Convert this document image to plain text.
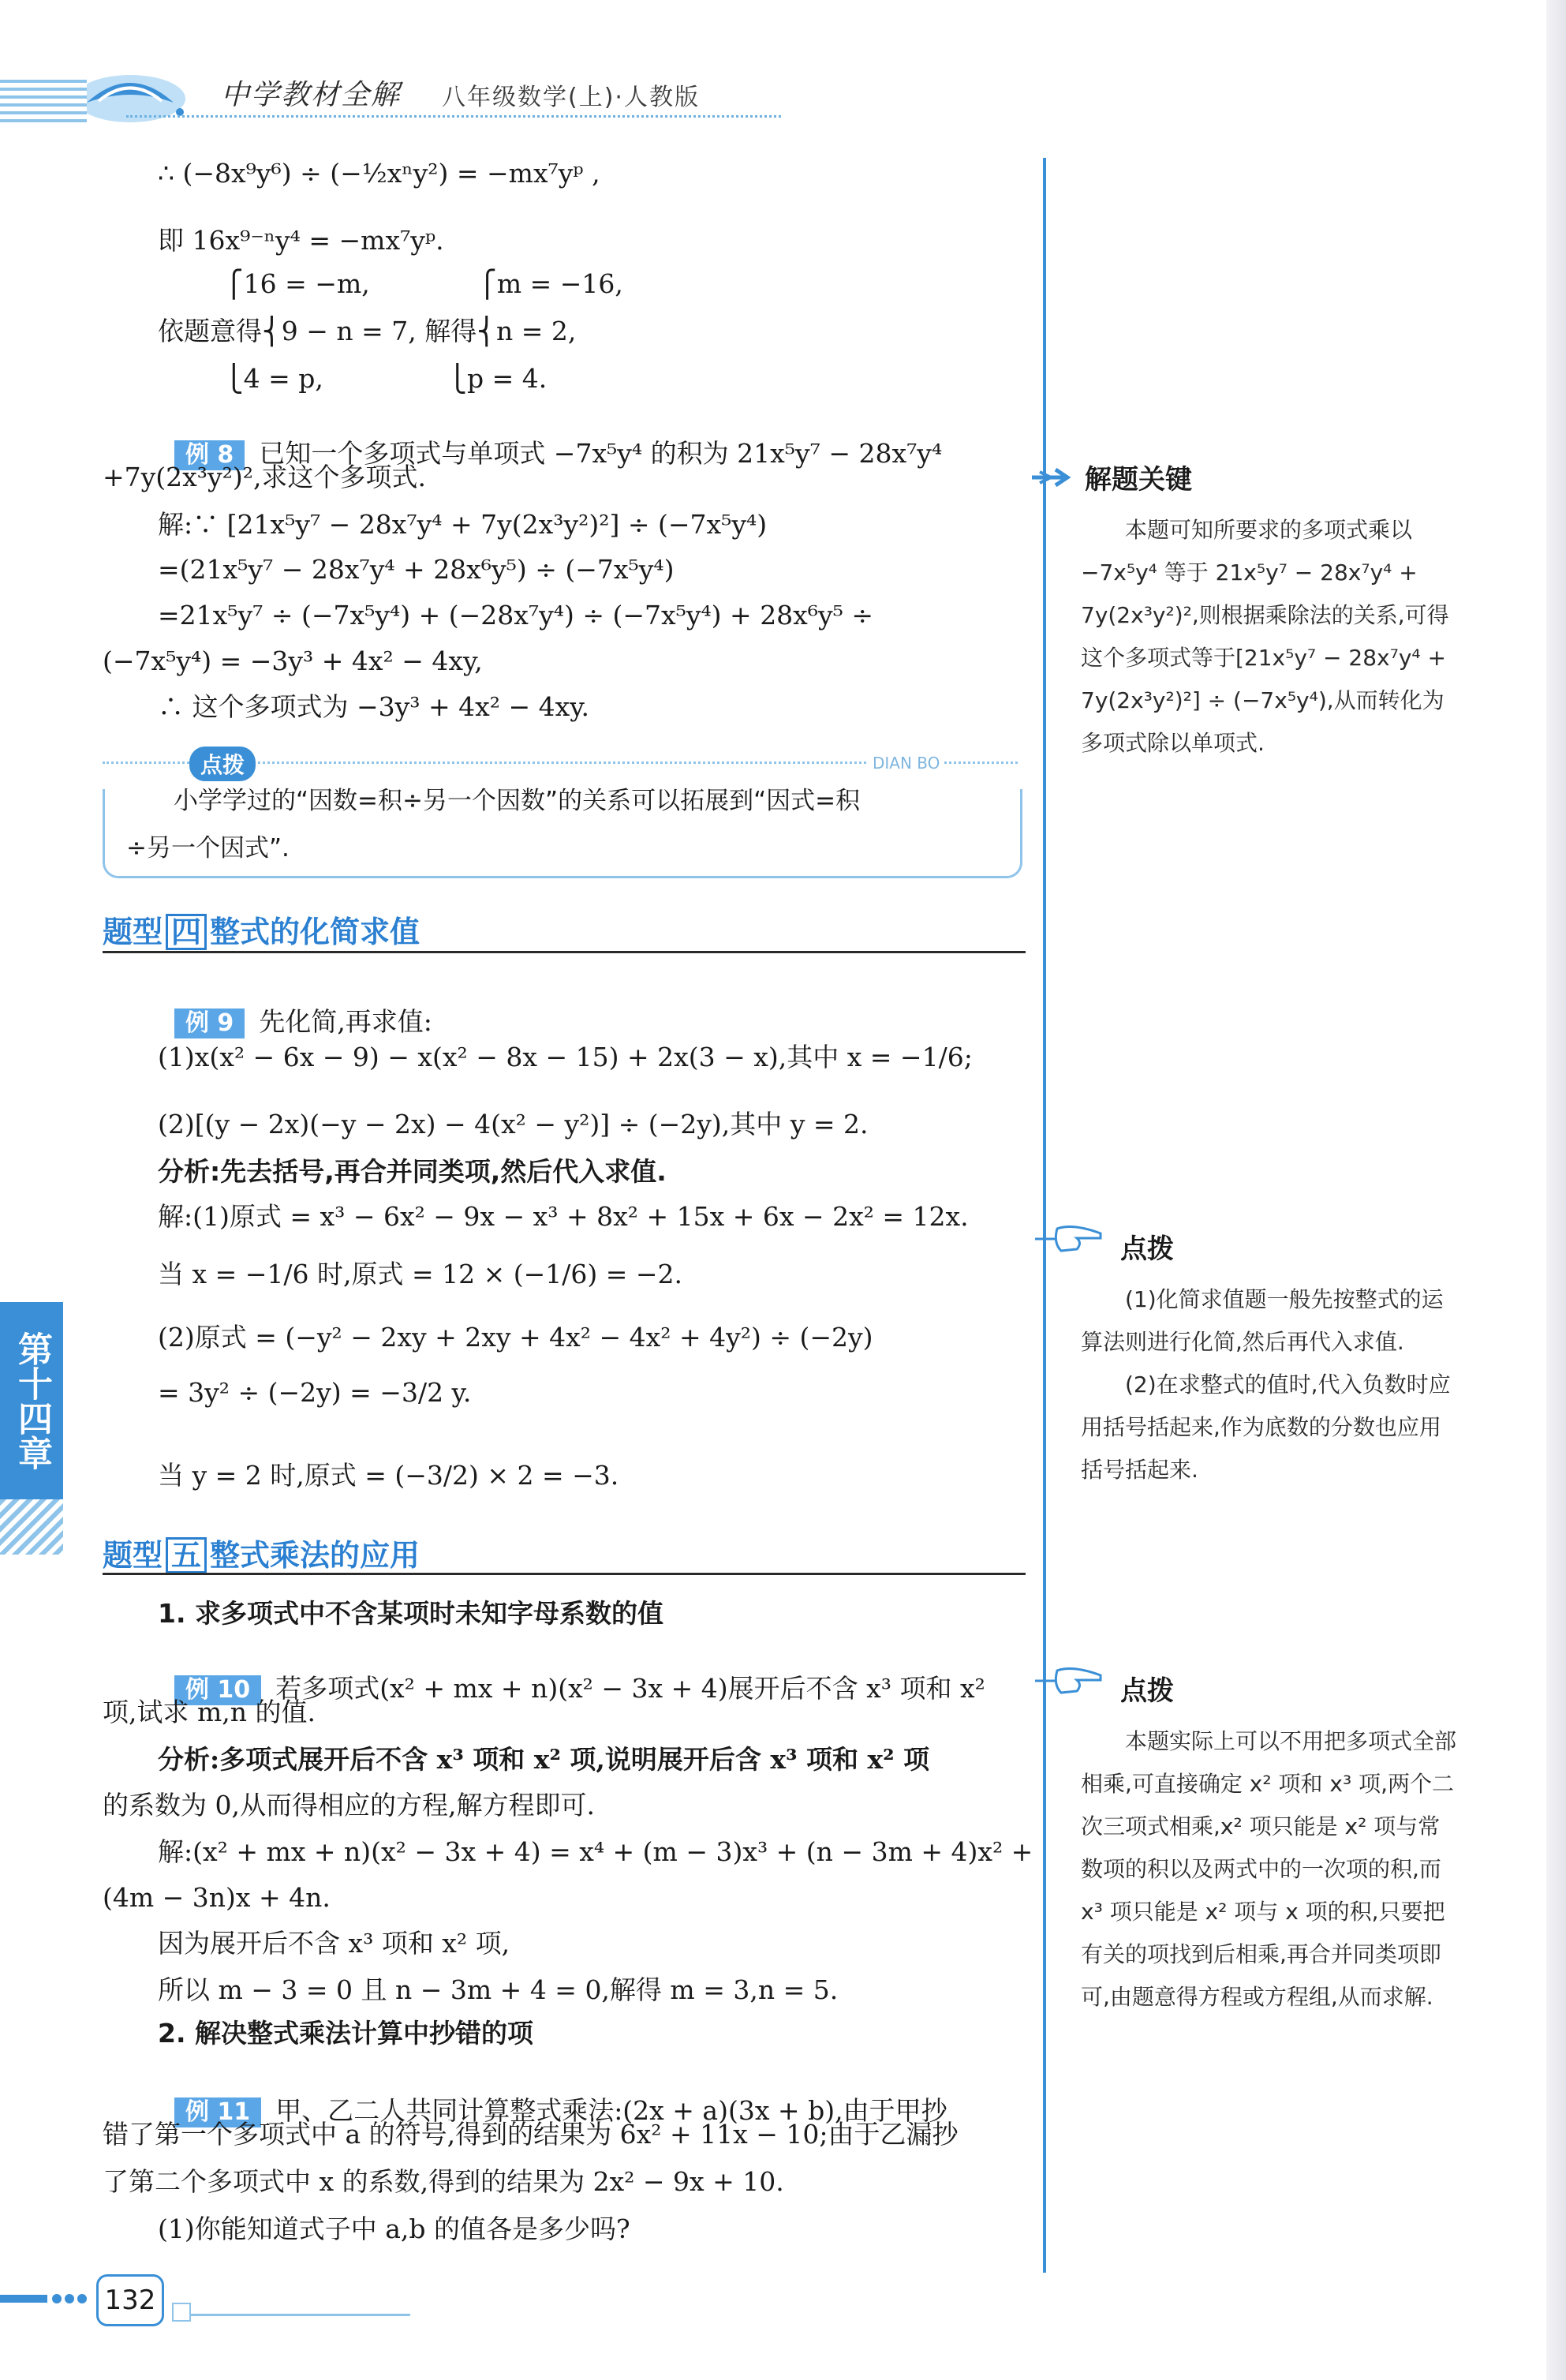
中学教材全解 八年级数学(上)·人教版
∴ (−8x⁹y⁶) ÷ (−½xⁿy²) = −mx⁷yᵖ ,
即 16x⁹⁻ⁿy⁴ = −mx⁷yᵖ.
⎧16 = −m,             ⎧m = −16,
依题意得⎨9 − n = 7, 解得⎨n = 2,
⎩4 = p,               ⎩p = 4.

例 8 已知一个多项式与单项式 −7x⁵y⁴ 的积为 21x⁵y⁷ − 28x⁷y⁴

+7y(2x³y²)²,求这个多项式.
解:∵ [21x⁵y⁷ − 28x⁷y⁴ + 7y(2x³y²)²] ÷ (−7x⁵y⁴)
=(21x⁵y⁷ − 28x⁷y⁴ + 28x⁶y⁵) ÷ (−7x⁵y⁴)
=21x⁵y⁷ ÷ (−7x⁵y⁴) + (−28x⁷y⁴) ÷ (−7x⁵y⁴) + 28x⁶y⁵ ÷
(−7x⁵y⁴) = −3y³ + 4x² − 4xy,
∴ 这个多项式为 −3y³ + 4x² − 4xy.
点拨	DIAN BO
小学学过的“因数=积÷另一个因数”的关系可以拓展到“因式=积
÷另一个因式”.
题型 四 整式的化简求值

例 9 先化简,再求值:

(1)x(x² − 6x − 9) − x(x² − 8x − 15) + 2x(3 − x),其中 x = −1/6;
(2)[(y − 2x)(−y − 2x) − 4(x² − y²)] ÷ (−2y),其中 y = 2.
分析:先去括号,再合并同类项,然后代入求值.
解:(1)原式 = x³ − 6x² − 9x − x³ + 8x² + 15x + 6x − 2x² = 12x.
当 x = −1/6 时,原式 = 12 × (−1/6) = −2.
(2)原式 = (−y² − 2xy + 2xy + 4x² − 4x² + 4y²) ÷ (−2y)
= 3y² ÷ (−2y) = −3/2 y.
当 y = 2 时,原式 = (−3/2) × 2 = −3.
题型 五 整式乘法的应用
1. 求多项式中不含某项时未知字母系数的值

例 10 若多项式(x² + mx + n)(x² − 3x + 4)展开后不含 x³ 项和 x²

项,试求 m,n 的值.
分析:多项式展开后不含 x³ 项和 x² 项,说明展开后含 x³ 项和 x² 项
的系数为 0,从而得相应的方程,解方程即可.
解:(x² + mx + n)(x² − 3x + 4) = x⁴ + (m − 3)x³ + (n − 3m + 4)x² +
(4m − 3n)x + 4n.
因为展开后不含 x³ 项和 x² 项,
所以 m − 3 = 0 且 n − 3m + 4 = 0,解得 m = 3,n = 5.
2. 解决整式乘法计算中抄错的项

例 11 甲、乙二人共同计算整式乘法:(2x + a)(3x + b),由于甲抄

错了第一个多项式中 a 的符号,得到的结果为 6x² + 11x − 10;由于乙漏抄
了第二个多项式中 x 的系数,得到的结果为 2x² − 9x + 10.
(1)你能知道式子中 a,b 的值各是多少吗?
解题关键
本题可知所要求的多项式乘以
−7x⁵y⁴ 等于 21x⁵y⁷ − 28x⁷y⁴ +
7y(2x³y²)²,则根据乘除法的关系,可得
这个多项式等于[21x⁵y⁷ − 28x⁷y⁴ +
7y(2x³y²)²] ÷ (−7x⁵y⁴),从而转化为
多项式除以单项式.
点拨
(1)化简求值题一般先按整式的运
算法则进行化简,然后再代入求值.
(2)在求整式的值时,代入负数时应
用括号括起来,作为底数的分数也应用
括号括起来.
点拨
本题实际上可以不用把多项式全部
相乘,可直接确定 x² 项和 x³ 项,两个二
次三项式相乘,x² 项只能是 x² 项与常
数项的积以及两式中的一次项的积,而
x³ 项只能是 x² 项与 x 项的积,只要把
有关的项找到后相乘,再合并同类项即
可,由题意得方程或方程组,从而求解.
第十四章
132
